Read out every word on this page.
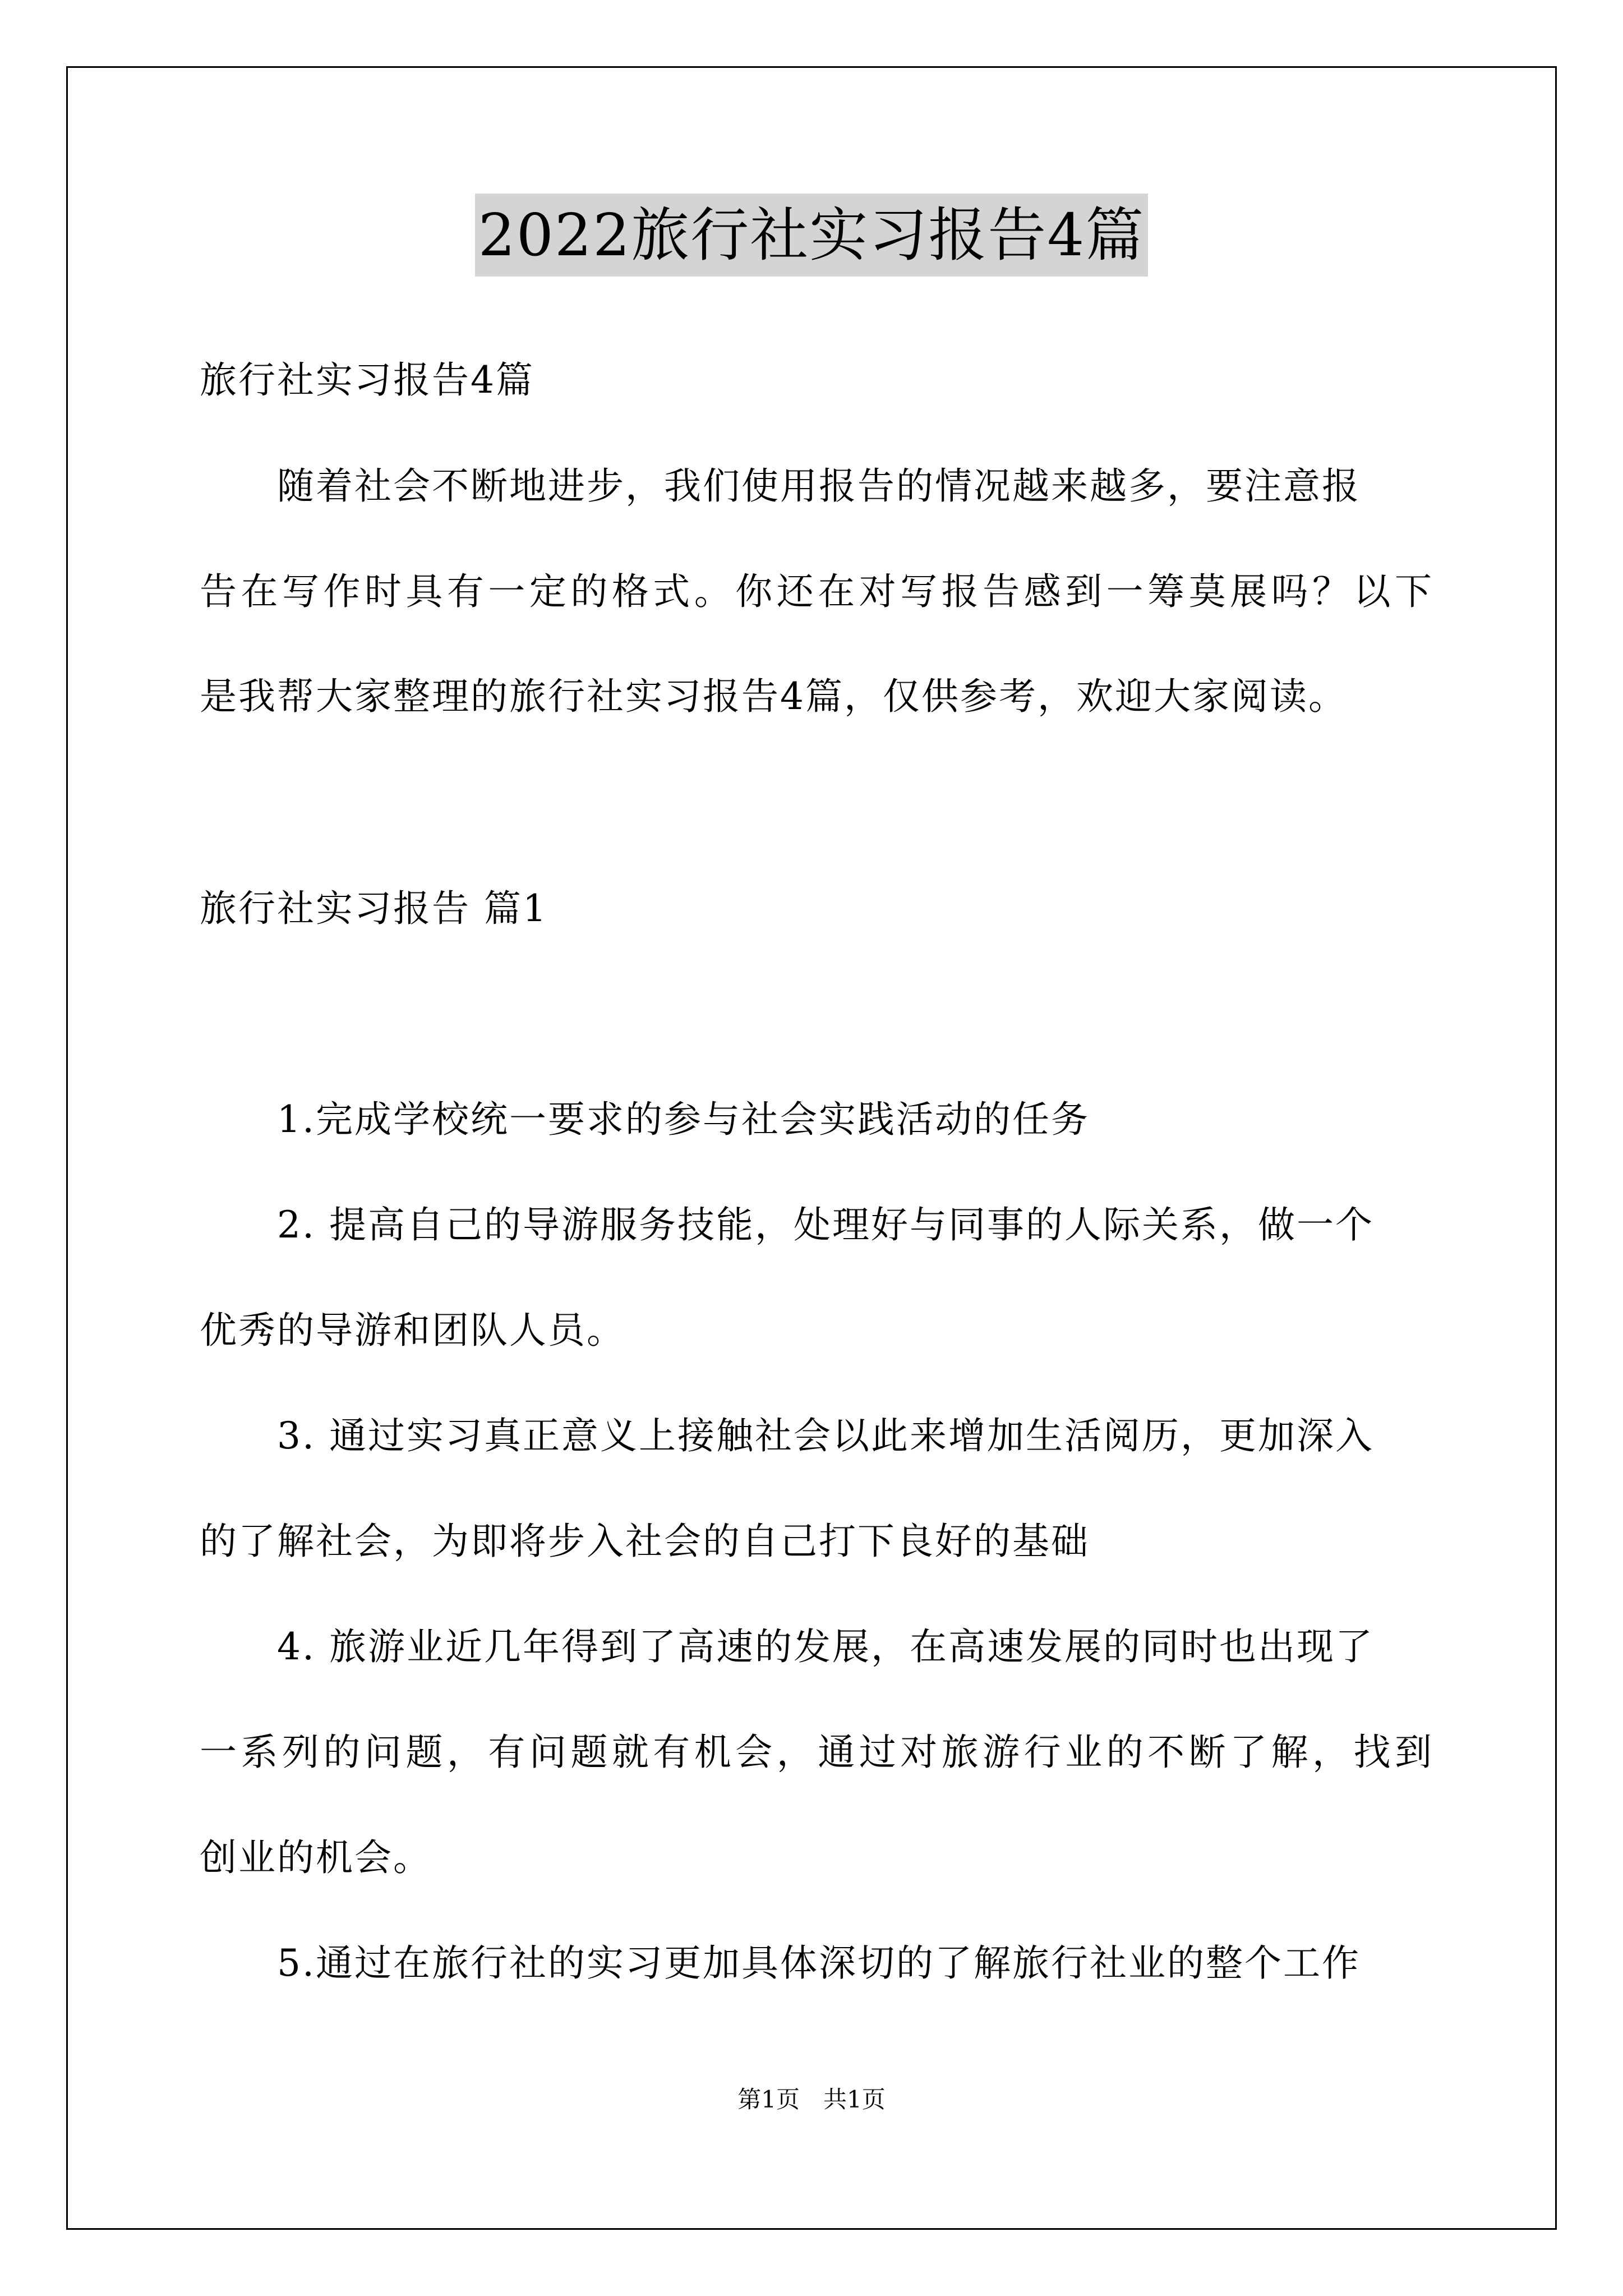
2022旅行社实习报告4篇
旅行社实习报告4篇
随着社会不断地进步，我们使用报告的情况越来越多，要注意报
告在写作时具有一定的格式。你还在对写报告感到一筹莫展吗？以下
是我帮大家整理的旅行社实习报告4篇，仅供参考，欢迎大家阅读。
旅行社实习报告 篇1
1.完成学校统一要求的参与社会实践活动的任务
2. 提高自己的导游服务技能，处理好与同事的人际关系，做一个
优秀的导游和团队人员。
3. 通过实习真正意义上接触社会以此来增加生活阅历，更加深入
的了解社会，为即将步入社会的自己打下良好的基础
4. 旅游业近几年得到了高速的发展，在高速发展的同时也出现了
一系列的问题，有问题就有机会，通过对旅游行业的不断了解，找到
创业的机会。
5.通过在旅行社的实习更加具体深切的了解旅行社业的整个工作
第1页　共1页
